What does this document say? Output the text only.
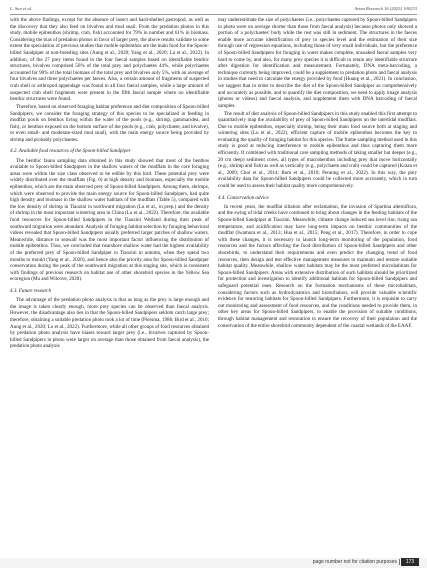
L. Sun et al.	Avian Research 16 (2025) 100233

with the above findings, except for the absence of insect and hard-shelled gastropod, as well as the discovery that they also feed on bivalves and mud snail. From the predation photos in this study, mobile epibenthos (shrimp, crab, fish) accounted for 79% in number and 61% in biomass. Considering the bias of predation photos in favor of larger prey, the above results validate to some extent the speculation of previous studies that mobile epibenthos are the main food for the Spoon-billed Sandpiper at non-breeding sites (Aung et al., 2020; Yang et al., 2020; Lu et al., 2022). In addition, of the 27 prey items found in the four faecal samples based on identifiable benthic structures, bivalves comprised 56% of the total prey and polychaetes 44%, while polychaetes accounted for 90% of the total biomass of the total prey and bivalves only 5%, with an average of four bivalves and three polychaetes per faeces. Also, a certain amount of fragments of suspected crab shell or arthropod appendage was found in all four faecal samples, while a large amount of suspected crab shell fragments were present in the fifth faecal sample where no identifiable benthic structures were found.

Therefore, based on observed foraging habitat preference and diet composition of Spoon-billed Sandpipers, we consider the foraging strategy of this species to be specialized in feeding in mudflat pools on benthos living within the water of the pools (e.g., shrimp, gammaridea, and fish), or benthos exposed on the bottom surface of the pools (e.g., crab, polychaete, and bivalve), or even small- and moderate-sized mud snail), with the main energy source being provided by shrimp and probably polychaetes.

4.2. Available food resources of the Spoon-billed Sandpiper

The benthic fauna sampling data obtained in this study showed that most of the benthos available to Spoon-billed Sandpipers in the shallow waters of the mudflats in the core foraging areas were within the size class observed to be edible by this bird. These potential prey were widely distributed over the mudflats (Fig. 6) at high density and biomass, especially the mobile epibenthos, which are the main observed prey of Spoon-billed Sandpipers. Among them, shrimps, which were observed to provide the main energy source for Spoon-billed Sandpipers, had quite high density and biomass in the shallow water habitats of the mudflats (Table 5), compared with the low density of shrimp in Tiaozini in northward migration (Lu et al., in prep.) and the density of shrimp in the most important wintering area in China (Lu et al., 2022). Therefore, the available food resources for Spoon-billed Sandpipers in the Tiaozini Wetland during their peak of southward migration were abundant. Analysis of foraging habitat selection by foraging behavioral videos revealed that Spoon-billed Sandpipers usually preferred larger patches of shallow waters. Meanwhile, distance to seawall was the most important factor influencing the distribution of mobile epibenthos. Thus, we concluded that nearshore shallow water had the highest availability of the preferred prey of Spoon-billed Sandpiper in Tiaozini in autumn, when they spend two months to mould (Yang et al., 2020), and hence also the priority area for Spoon-billed Sandpiper conservation during the peak of the southward migration at this staging site, which is consistent with findings of previous research on habitat use of other shorebird species in the Yellow Sea ecoregion (Mu and Wilcove, 2020).

4.3. Future research

The advantage of the predation photo analysis is that as long as the prey is large enough and the image is taken clearly enough, more prey species can be observed than faecal analysis. However, the disadvantage also lies in that the Spoon-billed Sandpipers seldom catch large prey; therefore, obtaining a suitable predation photo took a lot of time (Piersma, 1986; Bird et al., 2010; Aung et al., 2020; Lu et al., 2022). Furthermore, while all other groups of food resources obtained by predation photo analysis have biases toward larger prey (i.e., bivalves captured by Spoon-billed Sandpipers in photo were larger on average than those obtained from faecal analysis), the predation photo analysis

may underestimate the size of polychaetes (i.e., polychaetes captured by Spoon-billed Sandpipers in photo were on average shorter than those from faecal analysis) because photos only showed a portion of a polychaetes' body while the rest was still in sediment. The structures in the faeces enable more accurate identification of prey to species level and the estimation of their size through use of regression equations, including those of very small individuals, but the preference of Spoon-billed Sandpipers for foraging in water makes complete, unsoaked faecal samples very hard to come by, and also, for many prey species it is difficult to retain any identifiable structure after digestion for identification and measurement. Fortunately, DNA meta-barcoding, a technique currently being improved, could be a supplement to predation photo and faecal analysis in studies that need to calculate the energy provided by food (Huang et al., 2021). In conclusion, we suggest that in order to describe the diet of the Spoon-billed Sandpiper as comprehensively and accurately as possible, and to quantify the diet composition, we need to apply image analysis (photos or videos) and faecal analysis, and supplement them with DNA barcoding of faecal samples.

The result of diet analysis of Spoon-billed Sandpipers in this study enabled this first attempt to quantitatively map the availability of prey of Spoon-billed Sandpipers on the intertidal mudflats. Due to mobile epibenthos, especially shrimp, being their main food source both at staging and wintering sites (Lu et al., 2022), efficient capture of mobile epibenthos becomes the key to evaluating the quality of foraging habitat for this species. The frame sampling method used in this study is good at reducing interference to mobile epibenthos and thus capturing them more efficiently. If combined with traditional core sampling methods of taking smaller but deeper (e.g., 20 cm deep) sediment cores, all types of macrobenthos including prey that move horizontally (e.g., shrimp and fish) as well as vertically (e.g., polychaete and crab) could be captured (Kraan et al., 2009; Choi et al., 2014; Bom et al., 2018; Penning et al., 2022). In this way, the prey availability data for Spoon-billed Sandpipers could be collected more accurately, which in turn could be used to assess their habitat quality more comprehensively.

4.4. Conservation advice

In recent years, the mudflat siltation after reclamation, the invasion of Spartina alterniflora, and the swing of tidal creeks have continued to bring about changes in the feeding habitats of the Spoon-billed Sandpiper at Tiaozini. Meanwhile, climate change induced sea level rise, rising sea temperature, and acidification may have long-term impacts on benthic communities of the mudflat (Iwamura et al., 2013; Hua et al., 2015; Peng et al., 2017). Therefore, in order to cope with these changes, it is necessary to launch long-term monitoring of the population, food resources and the factors affecting the food distribution of Spoon-billed Sandpipers and other shorebirds, to understand their requirements and even predict the changing trend of food resources, then design and test effective management measures to maintain and restore suitable habitat quality. Meanwhile, shallow water habitats may be the most preferred microhabitats for Spoon-billed Sandpipers. Areas with extensive distribution of such habitats should be prioritized for protection and investigation to identify additional habitats for Spoon-billed Sandpipers and safeguard potential ones. Research on the formation mechanisms of these microhabitats, considering factors such as hydrodynamics and bioturbation, will provide valuable scientific evidence for restoring habitats for Spoon-billed Sandpipers. Furthermore, it is requisite to carry out monitoring and assessment of food resources, and the conditions needed to provide them, in other key areas for Spoon-billed Sandpipers, to enable the provision of suitable conditions, through habitat management and restoration to ensure the recovery of their population and the conservation of the entire shorebird community dependent of the coastal wetlands of the EAAF.

page number not for citation purposes	173
